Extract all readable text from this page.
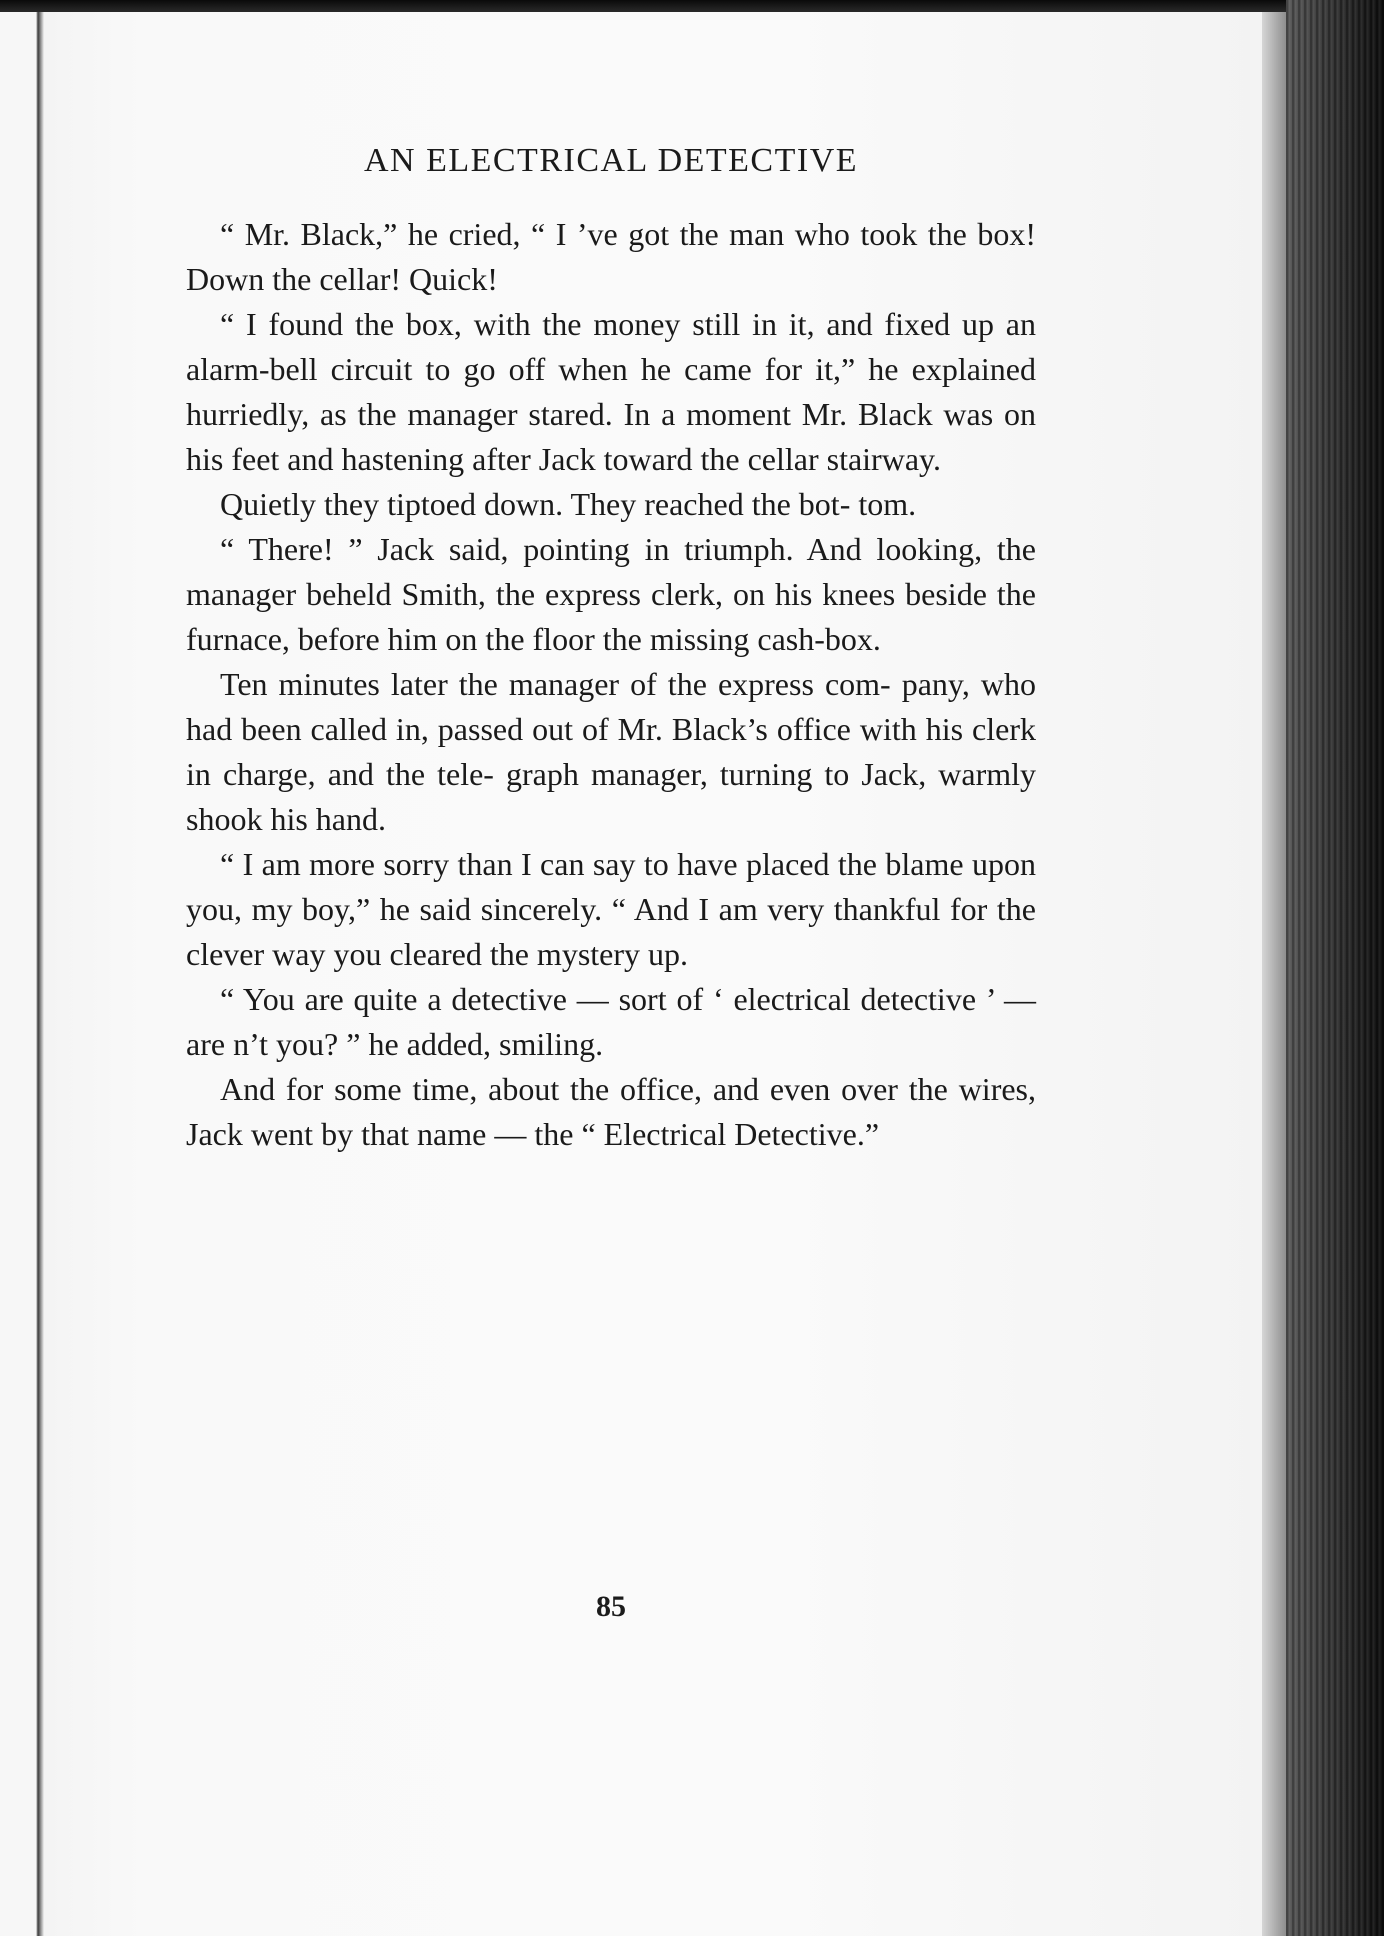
AN ELECTRICAL DETECTIVE

“ Mr. Black,” he cried, “ I ’ve got the man who took the box! Down the cellar! Quick!

“ I found the box, with the money still in it, and fixed up an alarm-bell circuit to go off when he came for it,” he explained hurriedly, as the manager stared. In a moment Mr. Black was on his feet and hastening after Jack toward the cellar stairway.

Quietly they tiptoed down. They reached the bot- tom.

“ There! ” Jack said, pointing in triumph. And looking, the manager beheld Smith, the express clerk, on his knees beside the furnace, before him on the floor the missing cash-box.

Ten minutes later the manager of the express com- pany, who had been called in, passed out of Mr. Black’s office with his clerk in charge, and the tele- graph manager, turning to Jack, warmly shook his hand.

“ I am more sorry than I can say to have placed the blame upon you, my boy,” he said sincerely. “ And I am very thankful for the clever way you cleared the mystery up.

“ You are quite a detective — sort of ‘ electrical detective ’ — are n’t you? ” he added, smiling.

And for some time, about the office, and even over the wires, Jack went by that name — the “ Electrical Detective.”

85
